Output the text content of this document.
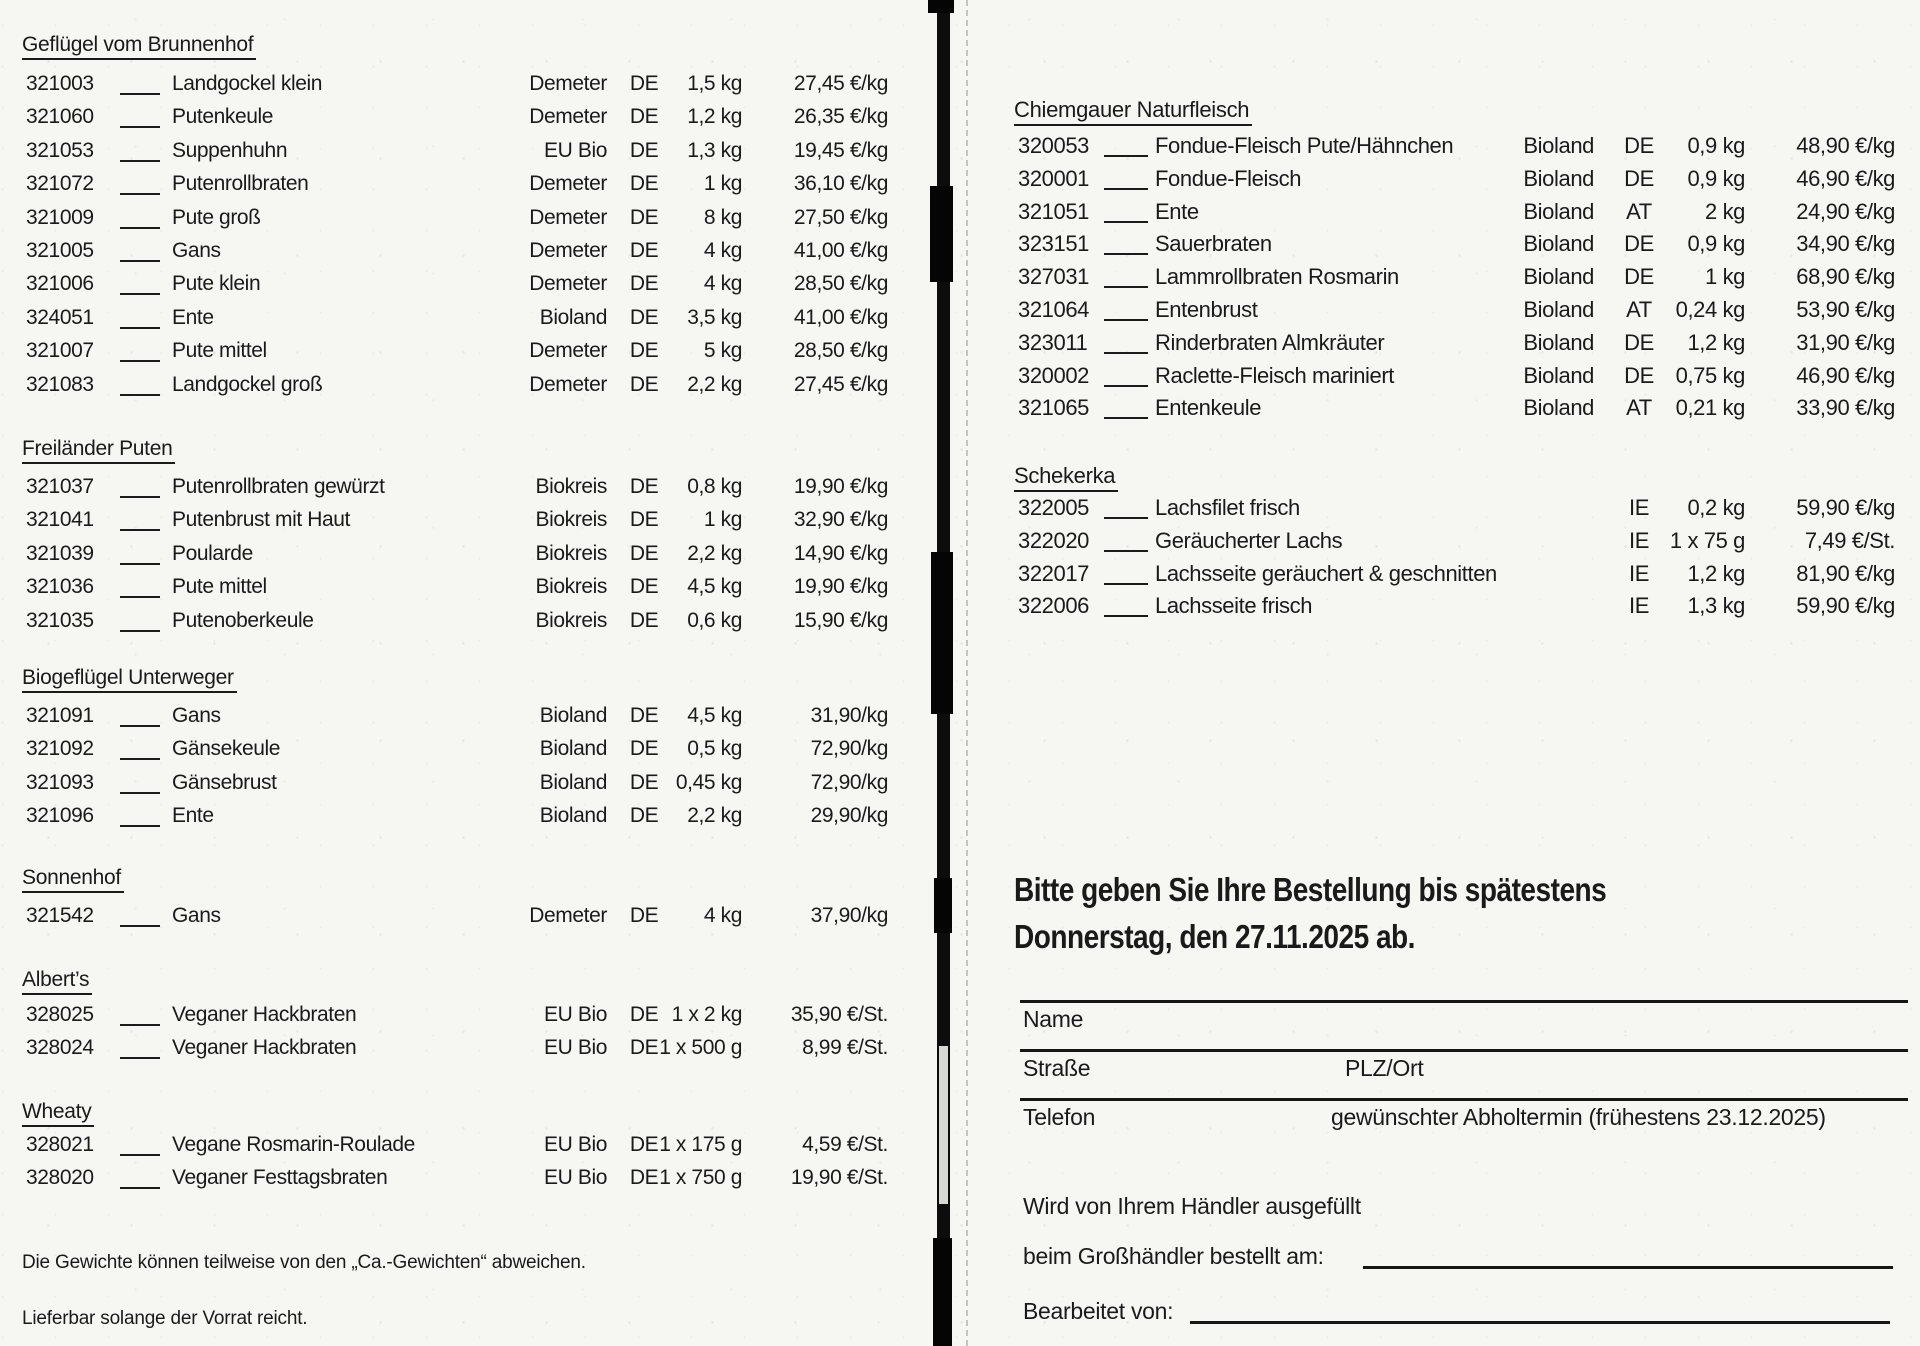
Geflügel vom Brunnenhof
321003	Landgockel klein	Demeter	DE	1,5 kg	27,45 €/kg
321060	Putenkeule	Demeter	DE	1,2 kg	26,35 €/kg
321053	Suppenhuhn	EU Bio	DE	1,3 kg	19,45 €/kg
321072	Putenrollbraten	Demeter	DE	1 kg	36,10 €/kg
321009	Pute groß	Demeter	DE	8 kg	27,50 €/kg
321005	Gans	Demeter	DE	4 kg	41,00 €/kg
321006	Pute klein	Demeter	DE	4 kg	28,50 €/kg
324051	Ente	Bioland	DE	3,5 kg	41,00 €/kg
321007	Pute mittel	Demeter	DE	5 kg	28,50 €/kg
321083	Landgockel groß	Demeter	DE	2,2 kg	27,45 €/kg
Freiländer Puten
321037	Putenrollbraten gewürzt	Biokreis	DE	0,8 kg	19,90 €/kg
321041	Putenbrust mit Haut	Biokreis	DE	1 kg	32,90 €/kg
321039	Poularde	Biokreis	DE	2,2 kg	14,90 €/kg
321036	Pute mittel	Biokreis	DE	4,5 kg	19,90 €/kg
321035	Putenoberkeule	Biokreis	DE	0,6 kg	15,90 €/kg
Biogeflügel Unterweger
321091	Gans	Bioland	DE	4,5 kg	31,90/kg
321092	Gänsekeule	Bioland	DE	0,5 kg	72,90/kg
321093	Gänsebrust	Bioland	DE 0,45 kg	72,90/kg
321096	Ente	Bioland	DE	2,2 kg	29,90/kg
Sonnenhof
321542	Gans	Demeter	DE	4 kg	37,90/kg
Albert’s
328025	Veganer Hackbraten	EU Bio	DE 1 x 2 kg	35,90 €/St.
328024	Veganer Hackbraten	EU Bio	DE 1 x 500 g	8,99 €/St.
Wheaty
328021	Vegane Rosmarin-Roulade	EU Bio	DE 1 x 175 g	4,59 €/St.
328020	Veganer Festtagsbraten	EU Bio	DE 1 x 750 g	19,90 €/St.
Chiemgauer Naturfleisch
320053	Fondue-Fleisch Pute/Hähnchen	Bioland	DE	0,9 kg	48,90 €/kg
320001	Fondue-Fleisch	Bioland	DE	0,9 kg	46,90 €/kg
321051	Ente	Bioland	AT	2 kg	24,90 €/kg
323151	Sauerbraten	Bioland	DE	0,9 kg	34,90 €/kg
327031	Lammrollbraten Rosmarin	Bioland	DE	1 kg	68,90 €/kg
321064	Entenbrust	Bioland	AT	0,24 kg	53,90 €/kg
323011	Rinderbraten Almkräuter	Bioland	DE	1,2 kg	31,90 €/kg
320002	Raclette-Fleisch mariniert	Bioland	DE 0,75 kg	46,90 €/kg
321065	Entenkeule	Bioland	AT	0,21 kg	33,90 €/kg
Schekerka
322005	Lachsfilet frisch	IE	0,2 kg	59,90 €/kg
322020	Geräucherter Lachs	IE 1 x 75 g	7,49 €/St.
322017	Lachsseite geräuchert & geschnitten	IE	1,2 kg	81,90 €/kg
322006	Lachsseite frisch	IE	1,3 kg	59,90 €/kg
Die Gewichte können teilweise von den „Ca.-Gewichten“ abweichen.
Lieferbar solange der Vorrat reicht.
Bitte geben Sie Ihre Bestellung bis spätestens
Donnerstag, den 27.11.2025 ab.
Name
Straße	PLZ/Ort
Telefon	gewünschter Abholtermin (frühestens 23.12.2025)
Wird von Ihrem Händler ausgefüllt
beim Großhändler bestellt am:
Bearbeitet von:
